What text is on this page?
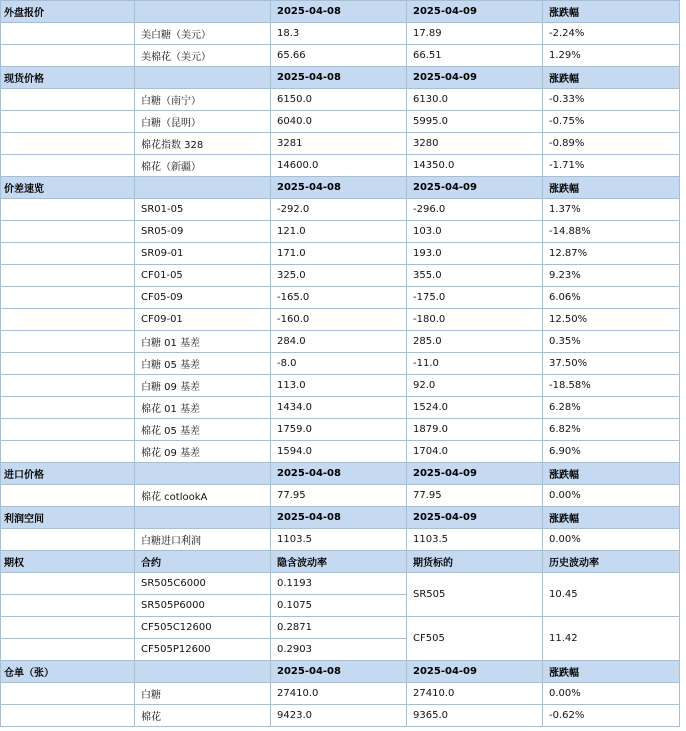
外盘报价		2025-04-08	2025-04-09	涨跌幅
	美白糖（美元）	18.3	17.89	-2.24%
	美棉花（美元）	65.66	66.51	1.29%
现货价格		2025-04-08	2025-04-09	涨跌幅
	白糖（南宁）	6150.0	6130.0	-0.33%
	白糖（昆明）	6040.0	5995.0	-0.75%
	棉花指数 328	3281	3280	-0.89%
	棉花（新疆）	14600.0	14350.0	-1.71%
价差速览		2025-04-08	2025-04-09	涨跌幅
	SR01-05	-292.0	-296.0	1.37%
	SR05-09	121.0	103.0	-14.88%
	SR09-01	171.0	193.0	12.87%
	CF01-05	325.0	355.0	9.23%
	CF05-09	-165.0	-175.0	6.06%
	CF09-01	-160.0	-180.0	12.50%
	白糖 01 基差	284.0	285.0	0.35%
	白糖 05 基差	-8.0	-11.0	37.50%
	白糖 09 基差	113.0	92.0	-18.58%
	棉花 01 基差	1434.0	1524.0	6.28%
	棉花 05 基差	1759.0	1879.0	6.82%
	棉花 09 基差	1594.0	1704.0	6.90%
进口价格		2025-04-08	2025-04-09	涨跌幅
	棉花 cotlookA	77.95	77.95	0.00%
利润空间		2025-04-08	2025-04-09	涨跌幅
	白糖进口利润	1103.5	1103.5	0.00%
期权	合约	隐含波动率	期货标的	历史波动率
	SR505C6000	0.1193	SR505	10.45
	SR505P6000	0.1075		
	CF505C12600	0.2871	CF505	11.42
	CF505P12600	0.2903		
仓单（张）		2025-04-08	2025-04-09	涨跌幅
	白糖	27410.0	27410.0	0.00%
	棉花	9423.0	9365.0	-0.62%
